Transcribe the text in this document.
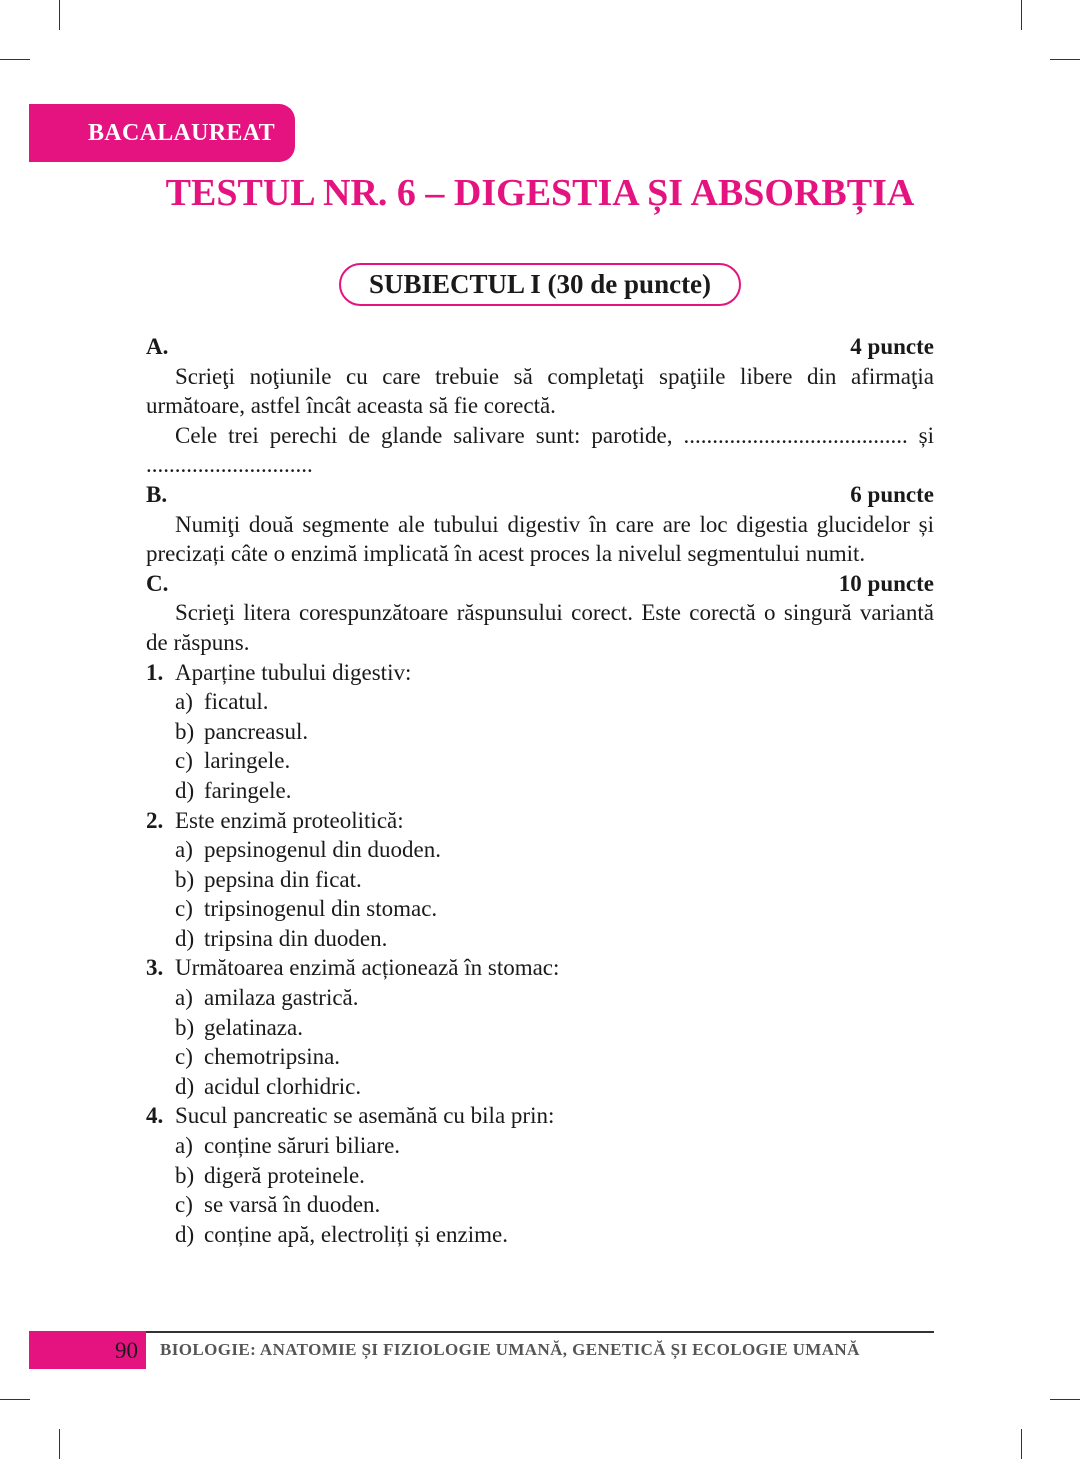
BACALAUREAT
TESTUL NR. 6 – DIGESTIA ȘI ABSORBȚIA
SUBIECTUL I (30 de puncte)
A.	4 puncte

Scrieţi noţiunile cu care trebuie să completaţi spaţiile libere din afirmaţia următoare, astfel încât aceasta să fie corectă.

Cele trei perechi de glande salivare sunt: parotide, ....................................... și .............................

B.	6 puncte

Numiţi două segmente ale tubului digestiv în care are loc digestia glucidelor și precizați câte o enzimă implicată în acest proces la nivelul segmentului numit.

C.	10 puncte

Scrieţi litera corespunzătoare răspunsului corect. Este corectă o singură variantă de răspuns.

1. Aparține tubului digestiv:
a) ficatul.
b) pancreasul.
c) laringele.
d) faringele.
2. Este enzimă proteolitică:
a) pepsinogenul din duoden.
b) pepsina din ficat.
c) tripsinogenul din stomac.
d) tripsina din duoden.
3. Următoarea enzimă acționează în stomac:
a) amilaza gastrică.
b) gelatinaza.
c) chemotripsina.
d) acidul clorhidric.
4. Sucul pancreatic se asemănă cu bila prin:
a) conține săruri biliare.
b) digeră proteinele.
c) se varsă în duoden.
d) conține apă, electroliți și enzime.
90	BIOLOGIE: ANATOMIE ȘI FIZIOLOGIE UMANĂ, GENETICĂ ȘI ECOLOGIE UMANĂ
